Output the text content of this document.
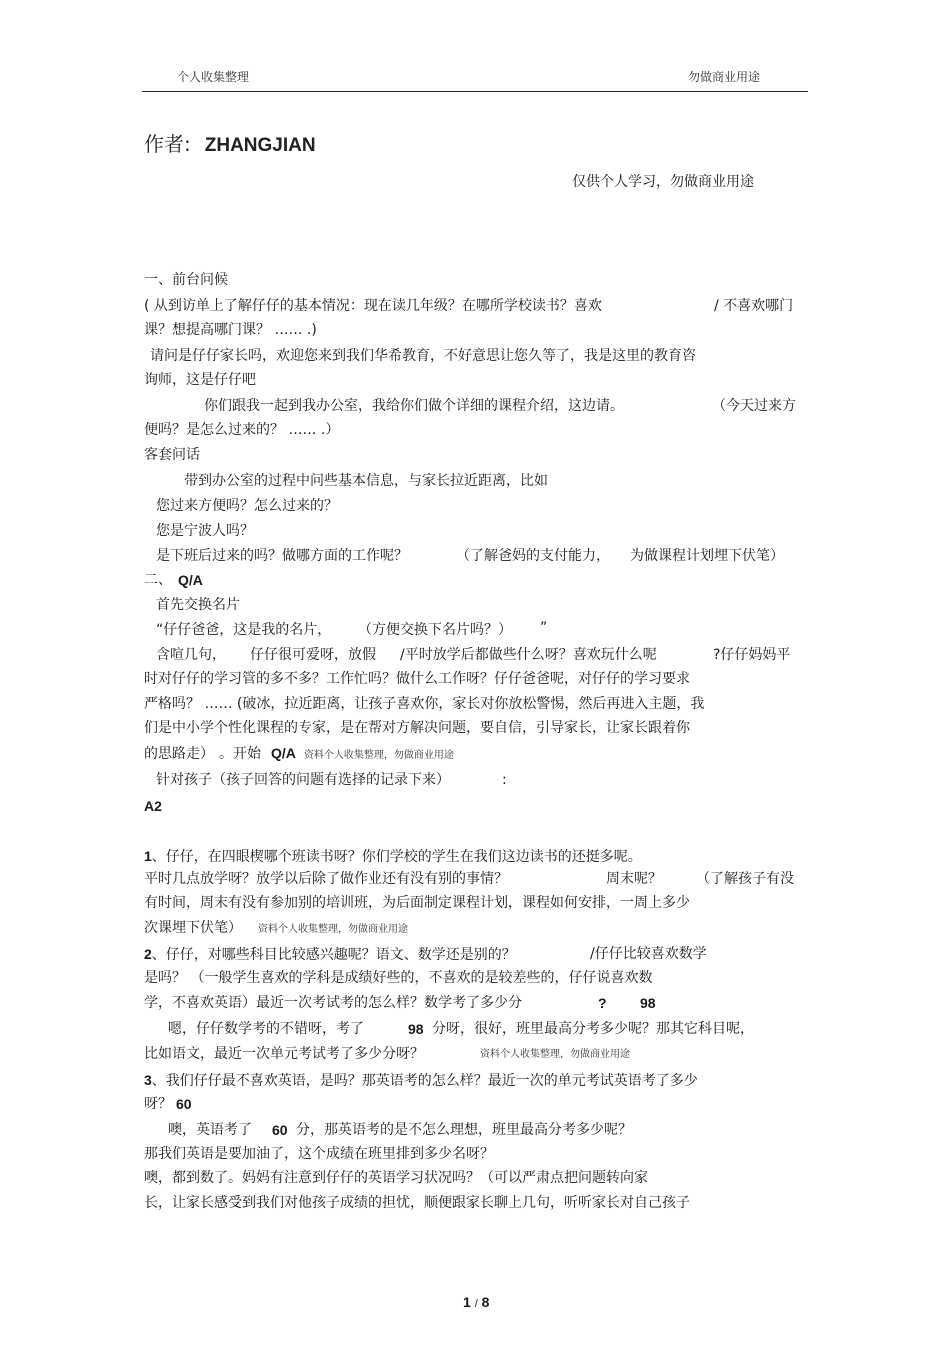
个人收集整理	勿做商业用途
作者: ZHANGJIAN
仅供个人学习，勿做商业用途
一、前台问候
( 从到访单上了解仔仔的基本情况：现在读几年级？在哪所学校读书？喜欢	/ 不喜欢哪门
课？想提高哪门课？ …… .)
请问是仔仔家长吗，欢迎您来到我们华希教育，不好意思让您久等了，我是这里的教育咨
询师，这是仔仔吧
你们跟我一起到我办公室，我给你们做个详细的课程介绍，这边请。	（今天过来方
便吗？是怎么过来的？ …… .）
客套问话
带到办公室的过程中问些基本信息，与家长拉近距离，比如
您过来方便吗？怎么过来的？
您是宁波人吗？
是下班后过来的吗？做哪方面的工作呢？	（了解爸妈的支付能力， 为做课程计划埋下伏笔）
二、 Q/A
首先交换名片
“仔仔爸爸，这是我的名片， （方便交换下名片吗？） ”
含喧几句， 仔仔很可爱呀，放假 /平时放学后都做些什么呀？喜欢玩什么呢	?仔仔妈妈平
时对仔仔的学习管的多不多？工作忙吗？做什么工作呀？仔仔爸爸呢，对仔仔的学习要求
严格吗？ …… (破冰，拉近距离，让孩子喜欢你，家长对你放松警惕，然后再进入主题，我
们是中小学个性化课程的专家，是在帮对方解决问题，要自信，引导家长，让家长跟着你
的思路走） 。开始 Q/A 资料个人收集整理，勿做商业用途
针对孩子（孩子回答的问题有选择的记录下来）	:
A2
1、仔仔，在四眼楔哪个班读书呀？你们学校的学生在我们这边读书的还挺多呢。
平时几点放学呀？放学以后除了做作业还有没有别的事情？	周末呢？ （了解孩子有没
有时间，周末有没有参加别的培训班，为后面制定课程计划，课程如何安排，一周上多少
次课埋下伏笔） 资料个人收集整理，勿做商业用途
2、仔仔，对哪些科目比较感兴趣呢？语文、数学还是别的？	/仔仔比较喜欢数学
是吗？ （一般学生喜欢的学科是成绩好些的，不喜欢的是较差些的，仔仔说喜欢数
学，不喜欢英语）最近一次考试考的怎么样？数学考了多少分	? 98
嗯，仔仔数学考的不错呀，考了	98 分呀，很好，班里最高分考多少呢？那其它科目呢，
比如语文，最近一次单元考试考了多少分呀？	资料个人收集整理，勿做商业用途
3、我们仔仔最不喜欢英语，是吗？那英语考的怎么样？最近一次的单元考试英语考了多少
呀？ 60
噢，英语考了 60 分，那英语考的是不怎么理想，班里最高分考多少呢？
那我们英语是要加油了，这个成绩在班里排到多少名呀？
噢，都到数了。妈妈有注意到仔仔的英语学习状况吗？（可以严肃点把问题转向家
长，让家长感受到我们对他孩子成绩的担忧，顺便跟家长聊上几句，听听家长对自己孩子
1 / 8
